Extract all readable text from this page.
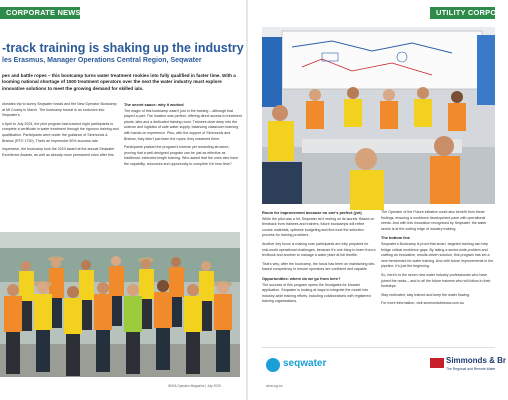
CORPORATE NEWS
-track training is shaking up the industry
les Erasmus, Manager Operations Central Region, Seqwater
pes and battle ropes – this bootcamp turns water treatment rookies into fully qualified in faster time. With a looming national shortage of 1500 treatment operators over the next the water industry must explore innovative solutions to meet the growing demand for skilled ials.

okmates trip to sunny Seqwater heads and the New Operator Bootcamp at Mt Crosby in March. The bootcamp format is an exclusive into Seqwater's.

n April to July 2024, the pilot program fast-tracked eight participants to complete a certificate in water treatment through the rigorous training and qualification. Participants were under the guidance of Simmonds & Bristow (RTO 1730). That's an impressive 50% success rate.

impressive, the bootcamp took the 2024 award at the annual Seqwater Excellence Awards, as well as already more permanent roles after this.

The secret sauce: why it worked

The magic of this bootcamp wasn't just in the training – although that played a part. The location was perfect, offering direct access to treatment plants, labs and a dedicated training room. Trainees dove deep into the science and logistics of safe water supply, balancing classroom learning with hands-on experience. Plus, with the support of Simmonds and Bristow, they didn't just learn the ropes, they mastered them.

Participants praised the program's intense yet rewarding structure, proving that a well-designed program can be just as effective as traditional, extended length training. Who asked that the ones who have the capability, resources and opportunity to complete it in less time?

WIOA Operator Magazine | July 2025
UTILITY CORPORA
Room for improvement because no one's perfect (yet)

While the pilot was a hit, Seqwater isn't resting on its laurels. Based on feedback from trainees and trainers, future bootcamps will refine course materials, optimise budgeting and fine-tune the selection process for training providers.

Another key focus is making sure participants are fully prepared for real-world operational challenges, because it's one thing to learn from a textbook and another to manage a water plant at full throttle.

That's why, after the bootcamp, the focus has been on maintaining site-based competency to ensure operators are confident and capable.

Opportunities: where do we go from here?

The success of this program opens the floodgates for broader application. Seqwater is looking at ways to integrate the model into industry-wide training efforts, including collaborations with registered training organisations.

The Operator of the Future initiative could also benefit from these findings, ensuring a workforce development pace with operational needs. And with this innovation recognised by Seqwater, the water sector is at the cutting edge of industry training.

The bottom line

Seqwater's Bootcamp is proof that smart, targeted training can help bridge critical workforce gaps. By taking a sector-wide problem and crafting an innovative, results-driven solution, this program has set a new benchmark for water training. And with future improvements in the pipeline, it's just the beginning.

So, here's to the seven new water industry professionals who have joined the ranks – and to all the future trainees who will follow in their footsteps.

Stay motivated, stay trained and keep the water flowing.

For more information, visit simmondsbristow.com.au

seqwater	Simmonds & Br
The Regional and Remote Water
wioa.org.au
